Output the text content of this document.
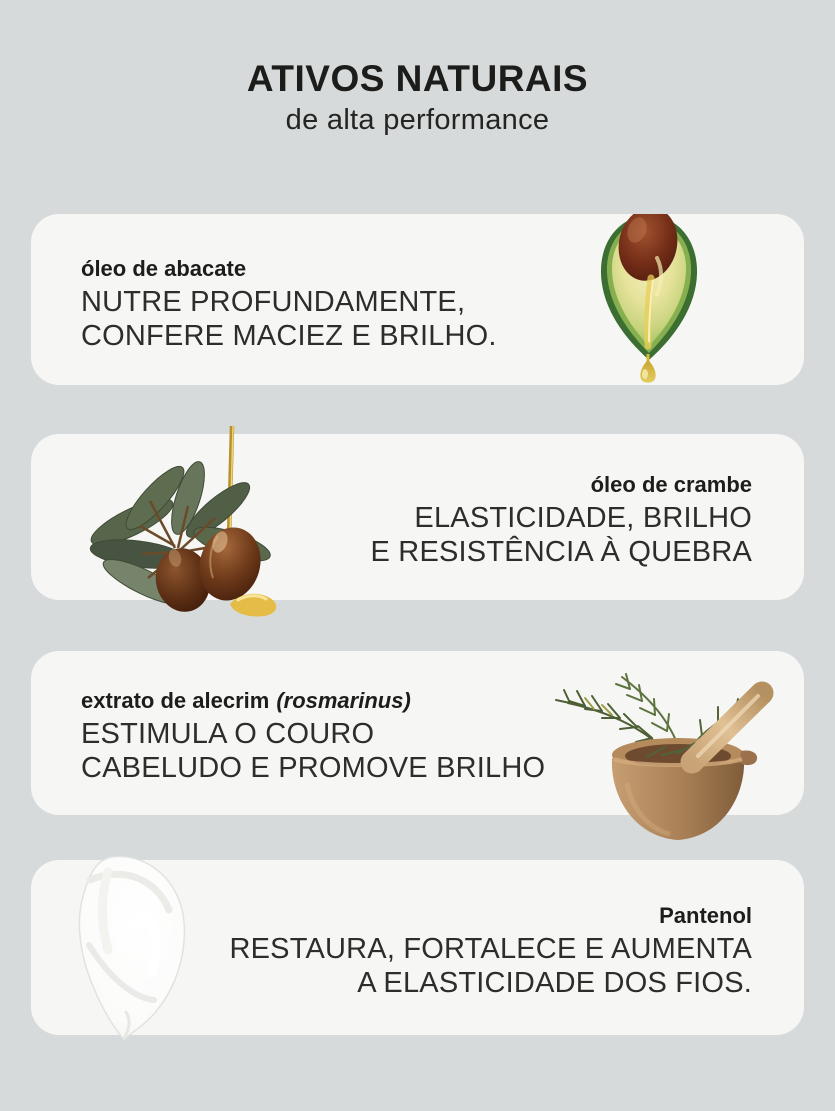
ATIVOS NATURAIS
de alta performance
óleo de abacate
NUTRE PROFUNDAMENTE,
CONFERE MACIEZ E BRILHO.
óleo de crambe
ELASTICIDADE, BRILHO
E RESISTÊNCIA À QUEBRA
extrato de alecrim (rosmarinus)
ESTIMULA O COURO
CABELUDO E PROMOVE BRILHO
Pantenol
RESTAURA, FORTALECE E AUMENTA
A ELASTICIDADE DOS FIOS.
